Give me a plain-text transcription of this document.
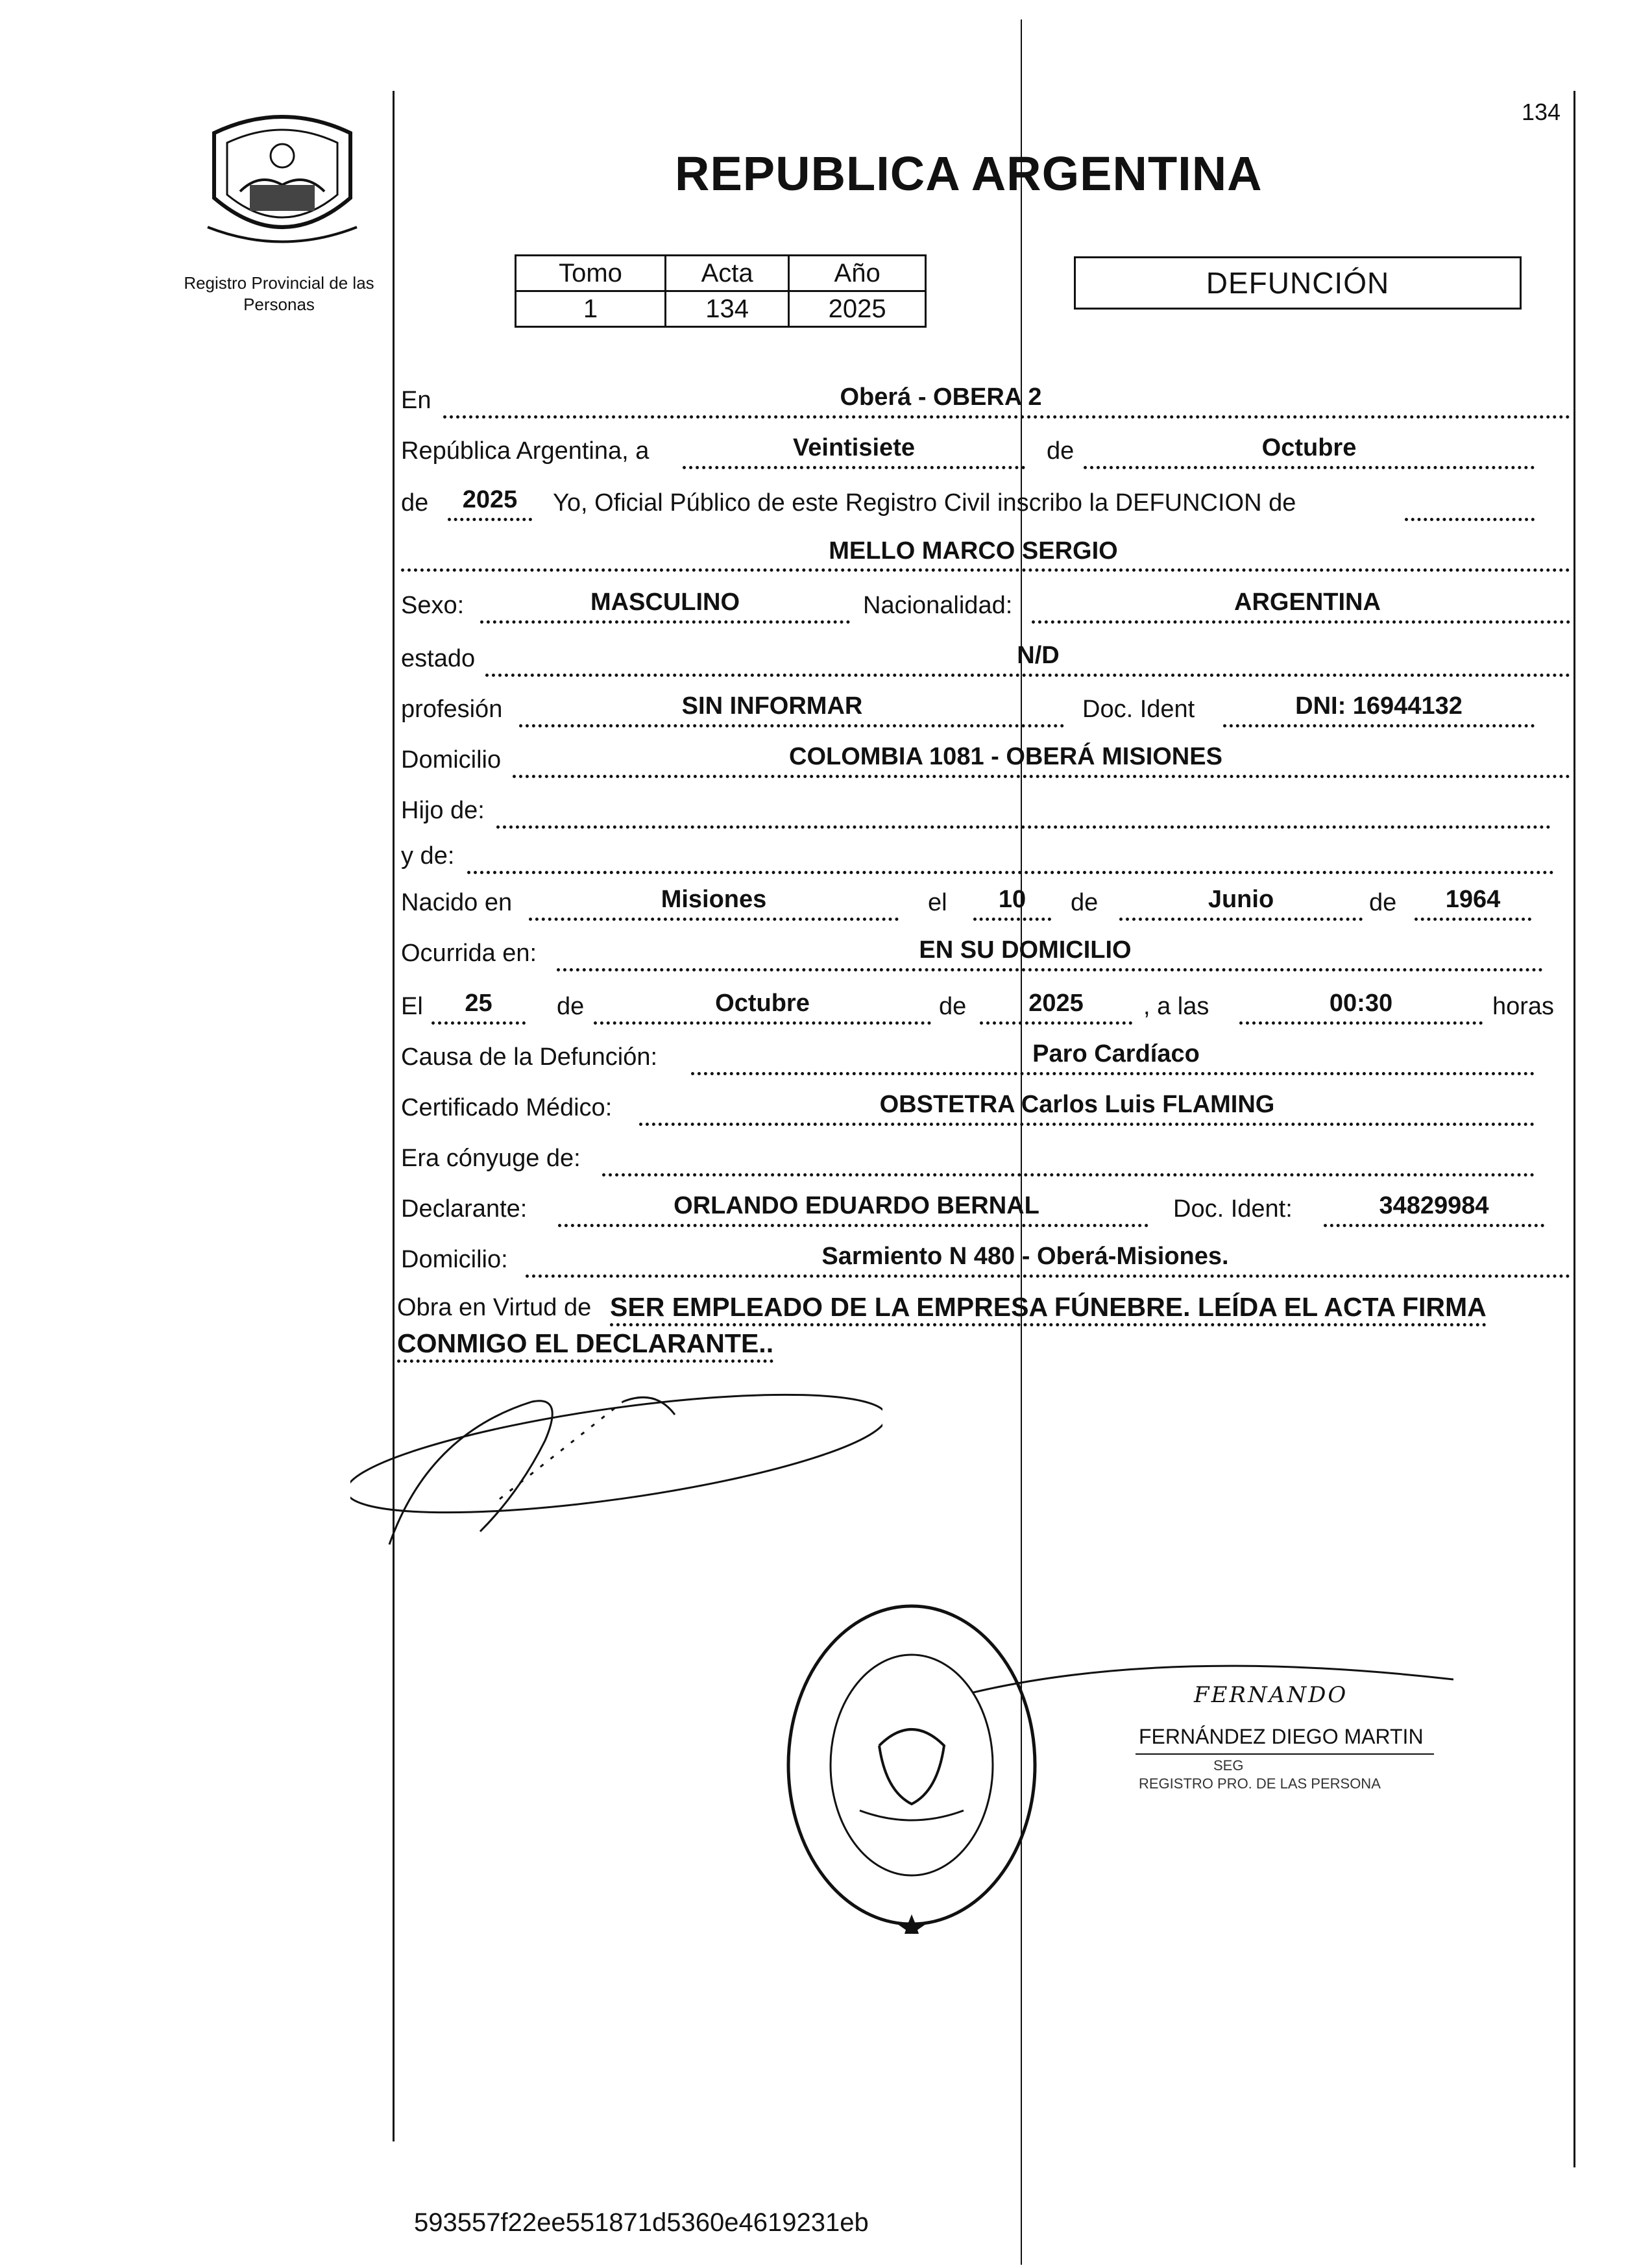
134
Registro Provincial de las Personas
REPUBLICA ARGENTINA
Tomo	Acta	Año
1	134	2025
DEFUNCIÓN
En	Oberá - OBERA 2
República Argentina, a	Veintisiete	de	Octubre
de	2025	Yo, Oficial Público de este Registro Civil inscribo la DEFUNCION de
MELLO MARCO SERGIO
Sexo:	MASCULINO	Nacionalidad:	ARGENTINA
estado	N/D
profesión	SIN INFORMAR	Doc. Ident	DNI: 16944132
Domicilio	COLOMBIA 1081 - OBERÁ MISIONES
Hijo de:
y de:
Nacido en	Misiones	el	10	de	Junio	de	1964
Ocurrida en:	EN SU DOMICILIO
El	25	de	Octubre	de	2025	, a las	00:30	horas
Causa de la Defunción:	Paro Cardíaco
Certificado Médico:	OBSTETRA Carlos Luis FLAMING
Era cónyuge de:
Declarante:	ORLANDO EDUARDO BERNAL	Doc. Ident:	34829984
Domicilio:	Sarmiento N 480 - Oberá-Misiones.
Obra en Virtud de SER EMPLEADO DE LA EMPRESA FÚNEBRE. LEÍDA EL ACTA FIRMA
CONMIGO EL DECLARANTE..
FERNANDO
FERNÁNDEZ DIEGO MARTIN
SEG
REGISTRO PRO. DE LAS PERSONA
593557f22ee551871d5360e4619231eb
